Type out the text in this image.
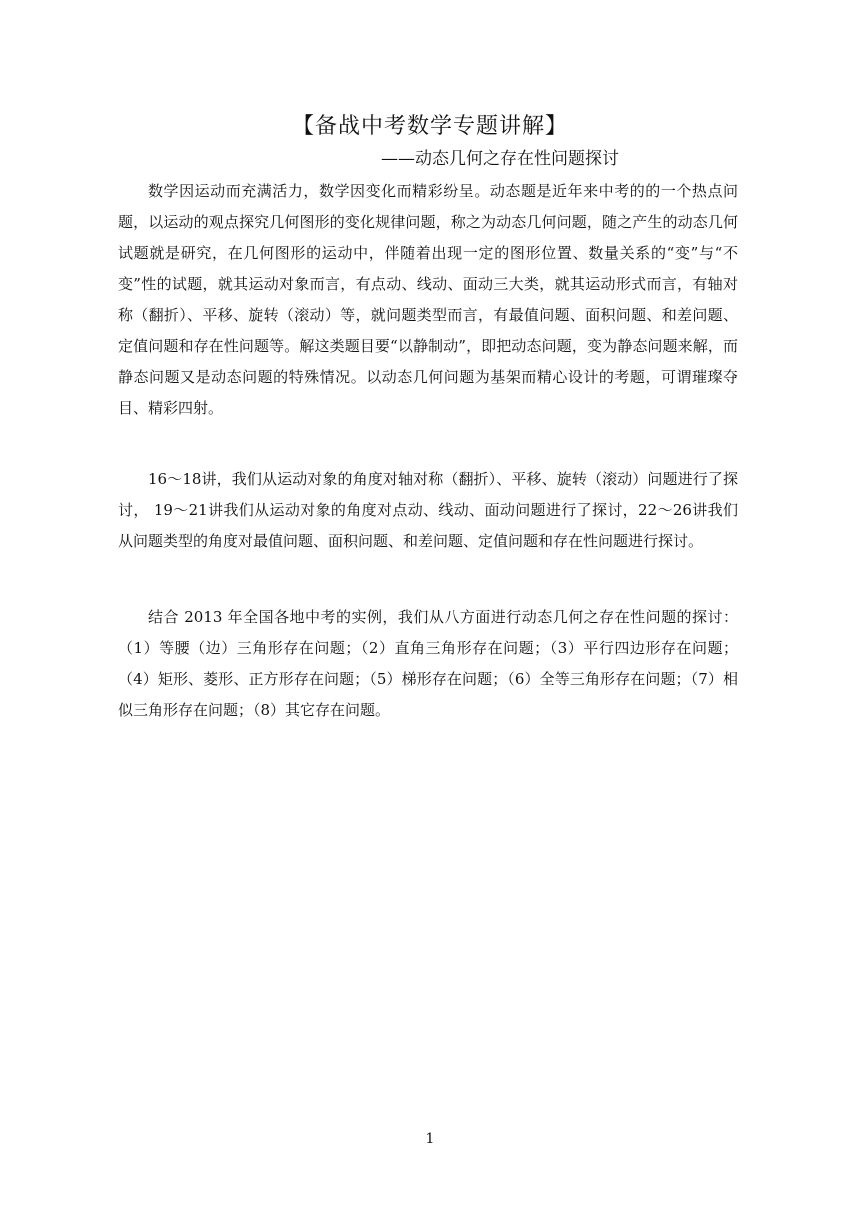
【备战中考数学专题讲解】
——动态几何之存在性问题探讨

数学因运动而充满活力，数学因变化而精彩纷呈。动态题是近年来中考的的一个热点问题，以运动的观点探究几何图形的变化规律问题，称之为动态几何问题，随之产生的动态几何试题就是研究，在几何图形的运动中，伴随着出现一定的图形位置、数量关系的“变”与“不变”性的试题，就其运动对象而言，有点动、线动、面动三大类，就其运动形式而言，有轴对称（翻折）、平移、旋转（滚动）等，就问题类型而言，有最值问题、面积问题、和差问题、定值问题和存在性问题等。解这类题目要“以静制动”，即把动态问题，变为静态问题来解，而静态问题又是动态问题的特殊情况。以动态几何问题为基架而精心设计的考题，可谓璀璨夺目、精彩四射。

16～18讲，我们从运动对象的角度对轴对称（翻折）、平移、旋转（滚动）问题进行了探讨， 19～21讲我们从运动对象的角度对点动、线动、面动问题进行了探讨，22～26讲我们从问题类型的角度对最值问题、面积问题、和差问题、定值问题和存在性问题进行探讨。

结合 2013 年全国各地中考的实例，我们从八方面进行动态几何之存在性问题的探讨：（1）等腰（边）三角形存在问题；（2）直角三角形存在问题；（3）平行四边形存在问题；（4）矩形、菱形、正方形存在问题；（5）梯形存在问题；（6）全等三角形存在问题；（7）相似三角形存在问题；（8）其它存在问题。

1
